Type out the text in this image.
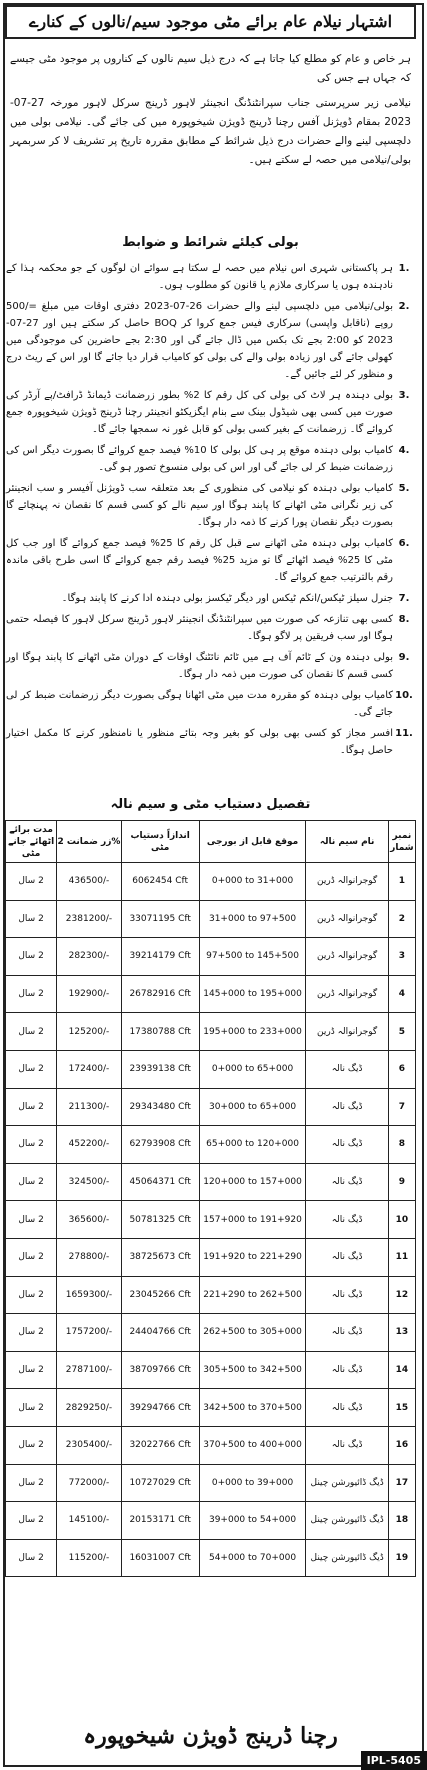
اشتہار نیلام عام برائے مٹی موجود سیم/نالوں کے کنارے

ہر خاص و عام کو مطلع کیا جاتا ہے کہ درج ذیل سیم نالوں کے کناروں پر موجود مٹی جیسے کہ جہاں ہے جس کی

نیلامی زیر سرپرستی جناب سپرانٹنڈنگ انجینئر لاہور ڈرینج سرکل لاہور مورخہ 27-07-2023 بمقام ڈویژنل آفس رچنا ڈرینج ڈویژن شیخوپورہ میں کی جائے گی۔ نیلامی بولی میں دلچسپی لینے والے حضرات درج ذیل شرائط کے مطابق مقررہ تاریخ پر تشریف لا کر سربمہر بولی/نیلامی میں حصہ لے سکتے ہیں۔

بولی کیلئے شرائط و ضوابط
1.
ہر پاکستانی شہری اس نیلام میں حصہ لے سکتا ہے سوائے ان لوگوں کے جو محکمہ ہذا کے نادہندہ ہوں یا سرکاری ملازم یا قانون کو مطلوب ہوں۔
2.
بولی/نیلامی میں دلچسپی لینے والے حضرات 26-07-2023 دفتری اوقات میں مبلغ =/500 روپے (ناقابل واپسی) سرکاری فیس جمع کروا کر BOQ حاصل کر سکتے ہیں اور 27-07-2023 کو 2:00 بجے تک بکس میں ڈال جائے گی اور 2:30 بجے حاضرین کی موجودگی میں کھولی جائے گی اور زیادہ بولی والے کی بولی کو کامیاب قرار دیا جائے گا اور اس کے ریٹ درج و منظور کر لئے جائیں گے۔
3.
بولی دہندہ ہر لاٹ کی بولی کی کل رقم کا 2% بطور زرضمانت ڈیمانڈ ڈرافٹ/پے آرڈر کی صورت میں کسی بھی شیڈول بینک سے بنام ایگزیکٹو انجینئر رچنا ڈرینج ڈویژن شیخوپورہ جمع کروائے گا۔ زرضمانت کے بغیر کسی بولی کو قابل غور نہ سمجھا جائے گا۔
4.
کامیاب بولی دہندہ موقع پر ہی کل بولی کا 10% فیصد جمع کروائے گا بصورت دیگر اس کی زرضمانت ضبط کر لی جائے گی اور اس کی بولی منسوخ تصور ہو گی۔
5.
کامیاب بولی دہندہ کو نیلامی کی منظوری کے بعد متعلقہ سب ڈویژنل آفیسر و سب انجینئر کی زیر نگرانی مٹی اٹھانے کا پابند ہوگا اور سیم نالے کو کسی قسم کا نقصان نہ پہنچائے گا بصورت دیگر نقصان پورا کرنے کا ذمہ دار ہوگا۔
6.
کامیاب بولی دہندہ مٹی اٹھانے سے قبل کل رقم کا 25% فیصد جمع کروائے گا اور جب کل مٹی کا 25% فیصد اٹھائے گا تو مزید 25% فیصد رقم جمع کروائے گا اسی طرح باقی ماندہ رقم بالترتیب جمع کروائے گا۔
7.
جنرل سیلز ٹیکس/انکم ٹیکس اور دیگر ٹیکسز بولی دہندہ ادا کرنے کا پابند ہوگا۔
8.
کسی بھی تنازعہ کی صورت میں سپرانٹنڈنگ انجینئر لاہور ڈرینج سرکل لاہور کا فیصلہ حتمی ہوگا اور سب فریقین پر لاگو ہوگا۔
9.
بولی دہندہ ون کے ٹائم آف ہے میں ٹائم نائٹنگ اوقات کے دوران مٹی اٹھانے کا پابند ہوگا اور کسی قسم کا نقصان کی صورت میں ذمہ دار ہوگا۔
10.
کامیاب بولی دہندہ کو مقررہ مدت میں مٹی اٹھانا ہوگی بصورت دیگر زرضمانت ضبط کر لی جائے گی۔
11.
افسر مجاز کو کسی بھی بولی کو بغیر وجہ بتائے منظور یا نامنظور کرنے کا مکمل اختیار حاصل ہوگا۔
تفصیل دستیاب مٹی و سیم نالہ
نمبر شمار	نام سیم نالہ	موقع قابل از بورجی	اندازاً دستیاب مٹی	زر ضمانت 2%	مدت برائے اٹھائے جانے مٹی
1	گوجرانوالہ ڈرین	0+000 to 31+000	6062454 Cft	436500/-	2 سال
2	گوجرانوالہ ڈرین	31+000 to 97+500	33071195 Cft	2381200/-	2 سال
3	گوجرانوالہ ڈرین	97+500 to 145+500	39214179 Cft	282300/-	2 سال
4	گوجرانوالہ ڈرین	145+000 to 195+000	26782916 Cft	192900/-	2 سال
5	گوجرانوالہ ڈرین	195+000 to 233+000	17380788 Cft	125200/-	2 سال
6	ڈیگ نالہ	0+000 to 65+000	23939138 Cft	172400/-	2 سال
7	ڈیگ نالہ	30+000 to 65+000	29343480 Cft	211300/-	2 سال
8	ڈیگ نالہ	65+000 to 120+000	62793908 Cft	452200/-	2 سال
9	ڈیگ نالہ	120+000 to 157+000	45064371 Cft	324500/-	2 سال
10	ڈیگ نالہ	157+000 to 191+920	50781325 Cft	365600/-	2 سال
11	ڈیگ نالہ	191+920 to 221+290	38725673 Cft	278800/-	2 سال
12	ڈیگ نالہ	221+290 to 262+500	23045266 Cft	1659300/-	2 سال
13	ڈیگ نالہ	262+500 to 305+000	24404766 Cft	1757200/-	2 سال
14	ڈیگ نالہ	305+500 to 342+500	38709766 Cft	2787100/-	2 سال
15	ڈیگ نالہ	342+500 to 370+500	39294766 Cft	2829250/-	2 سال
16	ڈیگ نالہ	370+500 to 400+000	32022766 Cft	2305400/-	2 سال
17	ڈیگ ڈائیورشن چینل	0+000 to 39+000	10727029 Cft	772000/-	2 سال
18	ڈیگ ڈائیورشن چینل	39+000 to 54+000	20153171 Cft	145100/-	2 سال
19	ڈیگ ڈائیورشن چینل	54+000 to 70+000	16031007 Cft	115200/-	2 سال
رچنا ڈرینج ڈویژن شیخوپورہ
IPL-5405
